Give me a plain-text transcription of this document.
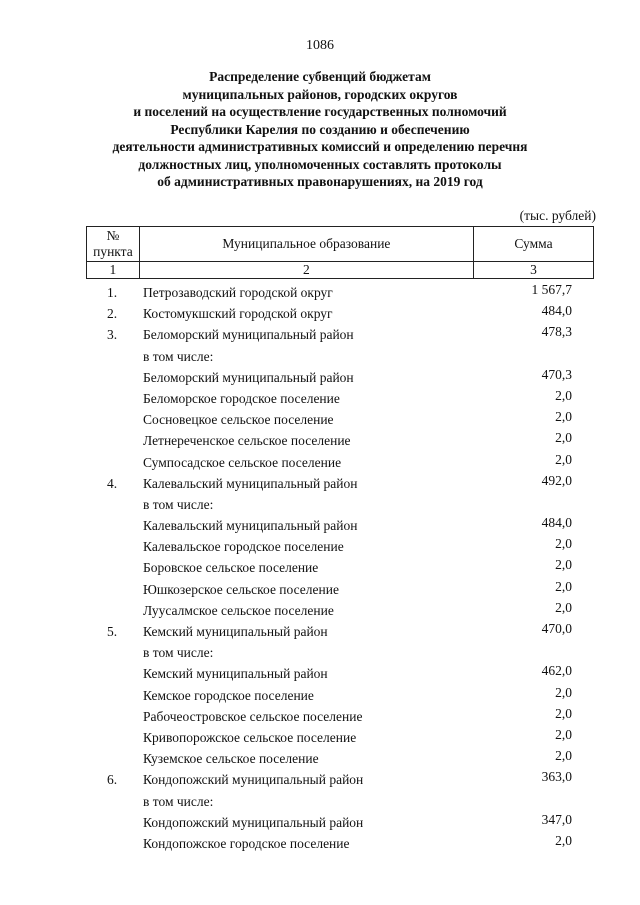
1086
Распределение субвенций бюджетам
муниципальных районов, городских округов
и поселений на осуществление государственных полномочий
Республики Карелия по созданию и обеспечению
деятельности административных комиссий и определению перечня
должностных лиц, уполномоченных составлять протоколы
об административных правонарушениях, на 2019 год
(тыс. рублей)
№
пункта	Муниципальное образование	Сумма
1	2	3
1.	Петрозаводский городской округ	1 567,7
2.	Костомукшский городской округ	484,0
3.	Беломорский муниципальный район	478,3
в том числе:
Беломорский муниципальный район	470,3
Беломорское городское поселение	2,0
Сосновецкое сельское поселение	2,0
Летнереченское сельское поселение	2,0
Сумпосадское сельское поселение	2,0
4.	Калевальский муниципальный район	492,0
в том числе:
Калевальский муниципальный район	484,0
Калевальское городское поселение	2,0
Боровское сельское поселение	2,0
Юшкозерское сельское поселение	2,0
Луусалмское сельское поселение	2,0
5.	Кемский муниципальный район	470,0
в том числе:
Кемский муниципальный район	462,0
Кемское городское поселение	2,0
Рабочеостровское сельское поселение	2,0
Кривопорожское сельское поселение	2,0
Куземское сельское поселение	2,0
6.	Кондопожский муниципальный район	363,0
в том числе:
Кондопожский муниципальный район	347,0
Кондопожское городское поселение	2,0
